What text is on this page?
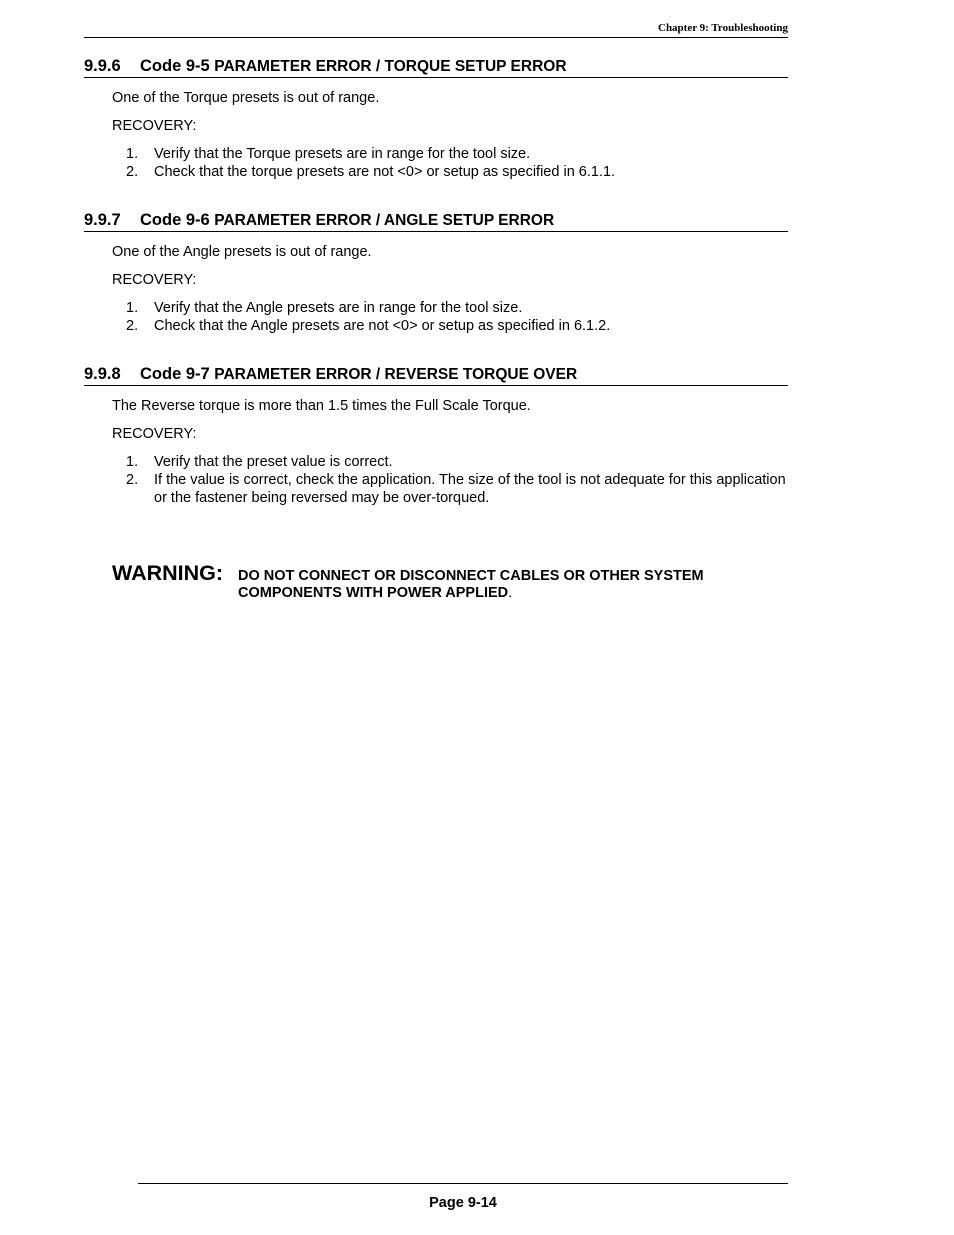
Chapter 9: Troubleshooting
9.9.6 Code 9-5 PARAMETER ERROR / TORQUE SETUP ERROR

One of the Torque presets is out of range.

RECOVERY:

1. Verify that the Torque presets are in range for the tool size.
2. Check that the torque presets are not <0> or setup as specified in 6.1.1.
9.9.7 Code 9-6 PARAMETER ERROR / ANGLE SETUP ERROR

One of the Angle presets is out of range.

RECOVERY:

1. Verify that the Angle presets are in range for the tool size.
2. Check that the Angle presets are not <0> or setup as specified in 6.1.2.
9.9.8 Code 9-7 PARAMETER ERROR / REVERSE TORQUE OVER

The Reverse torque is more than 1.5 times the Full Scale Torque.

RECOVERY:

1. Verify that the preset value is correct.
2. If the value is correct, check the application. The size of the tool is not adequate for this application or the fastener being reversed may be over-torqued.
WARNING: DO NOT CONNECT OR DISCONNECT CABLES OR OTHER SYSTEM
COMPONENTS WITH POWER APPLIED.
Page 9-14
